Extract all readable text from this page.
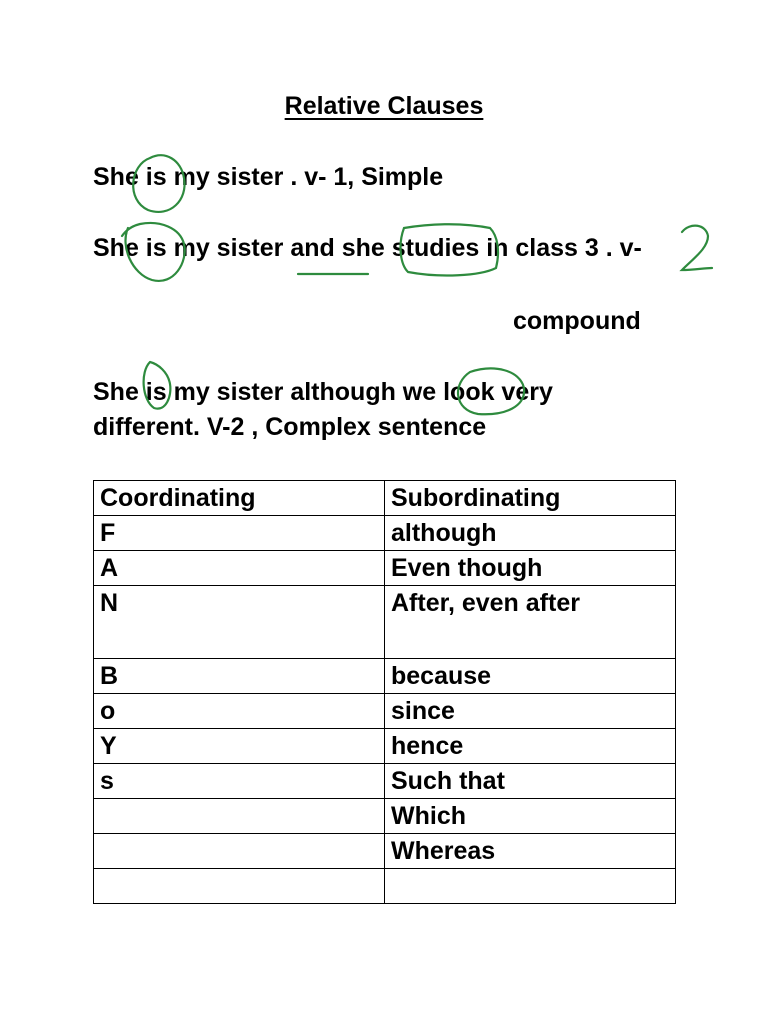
Relative Clauses
She is my sister . v- 1, Simple
She is my sister and she studies in class 3 . v-
compound
She is my sister although we look very
different. V-2 , Complex sentence
Coordinating	Subordinating
F	although
A	Even though
N	After, even after
B	because
o	since
Y	hence
s	Such that
	Which
	Whereas
